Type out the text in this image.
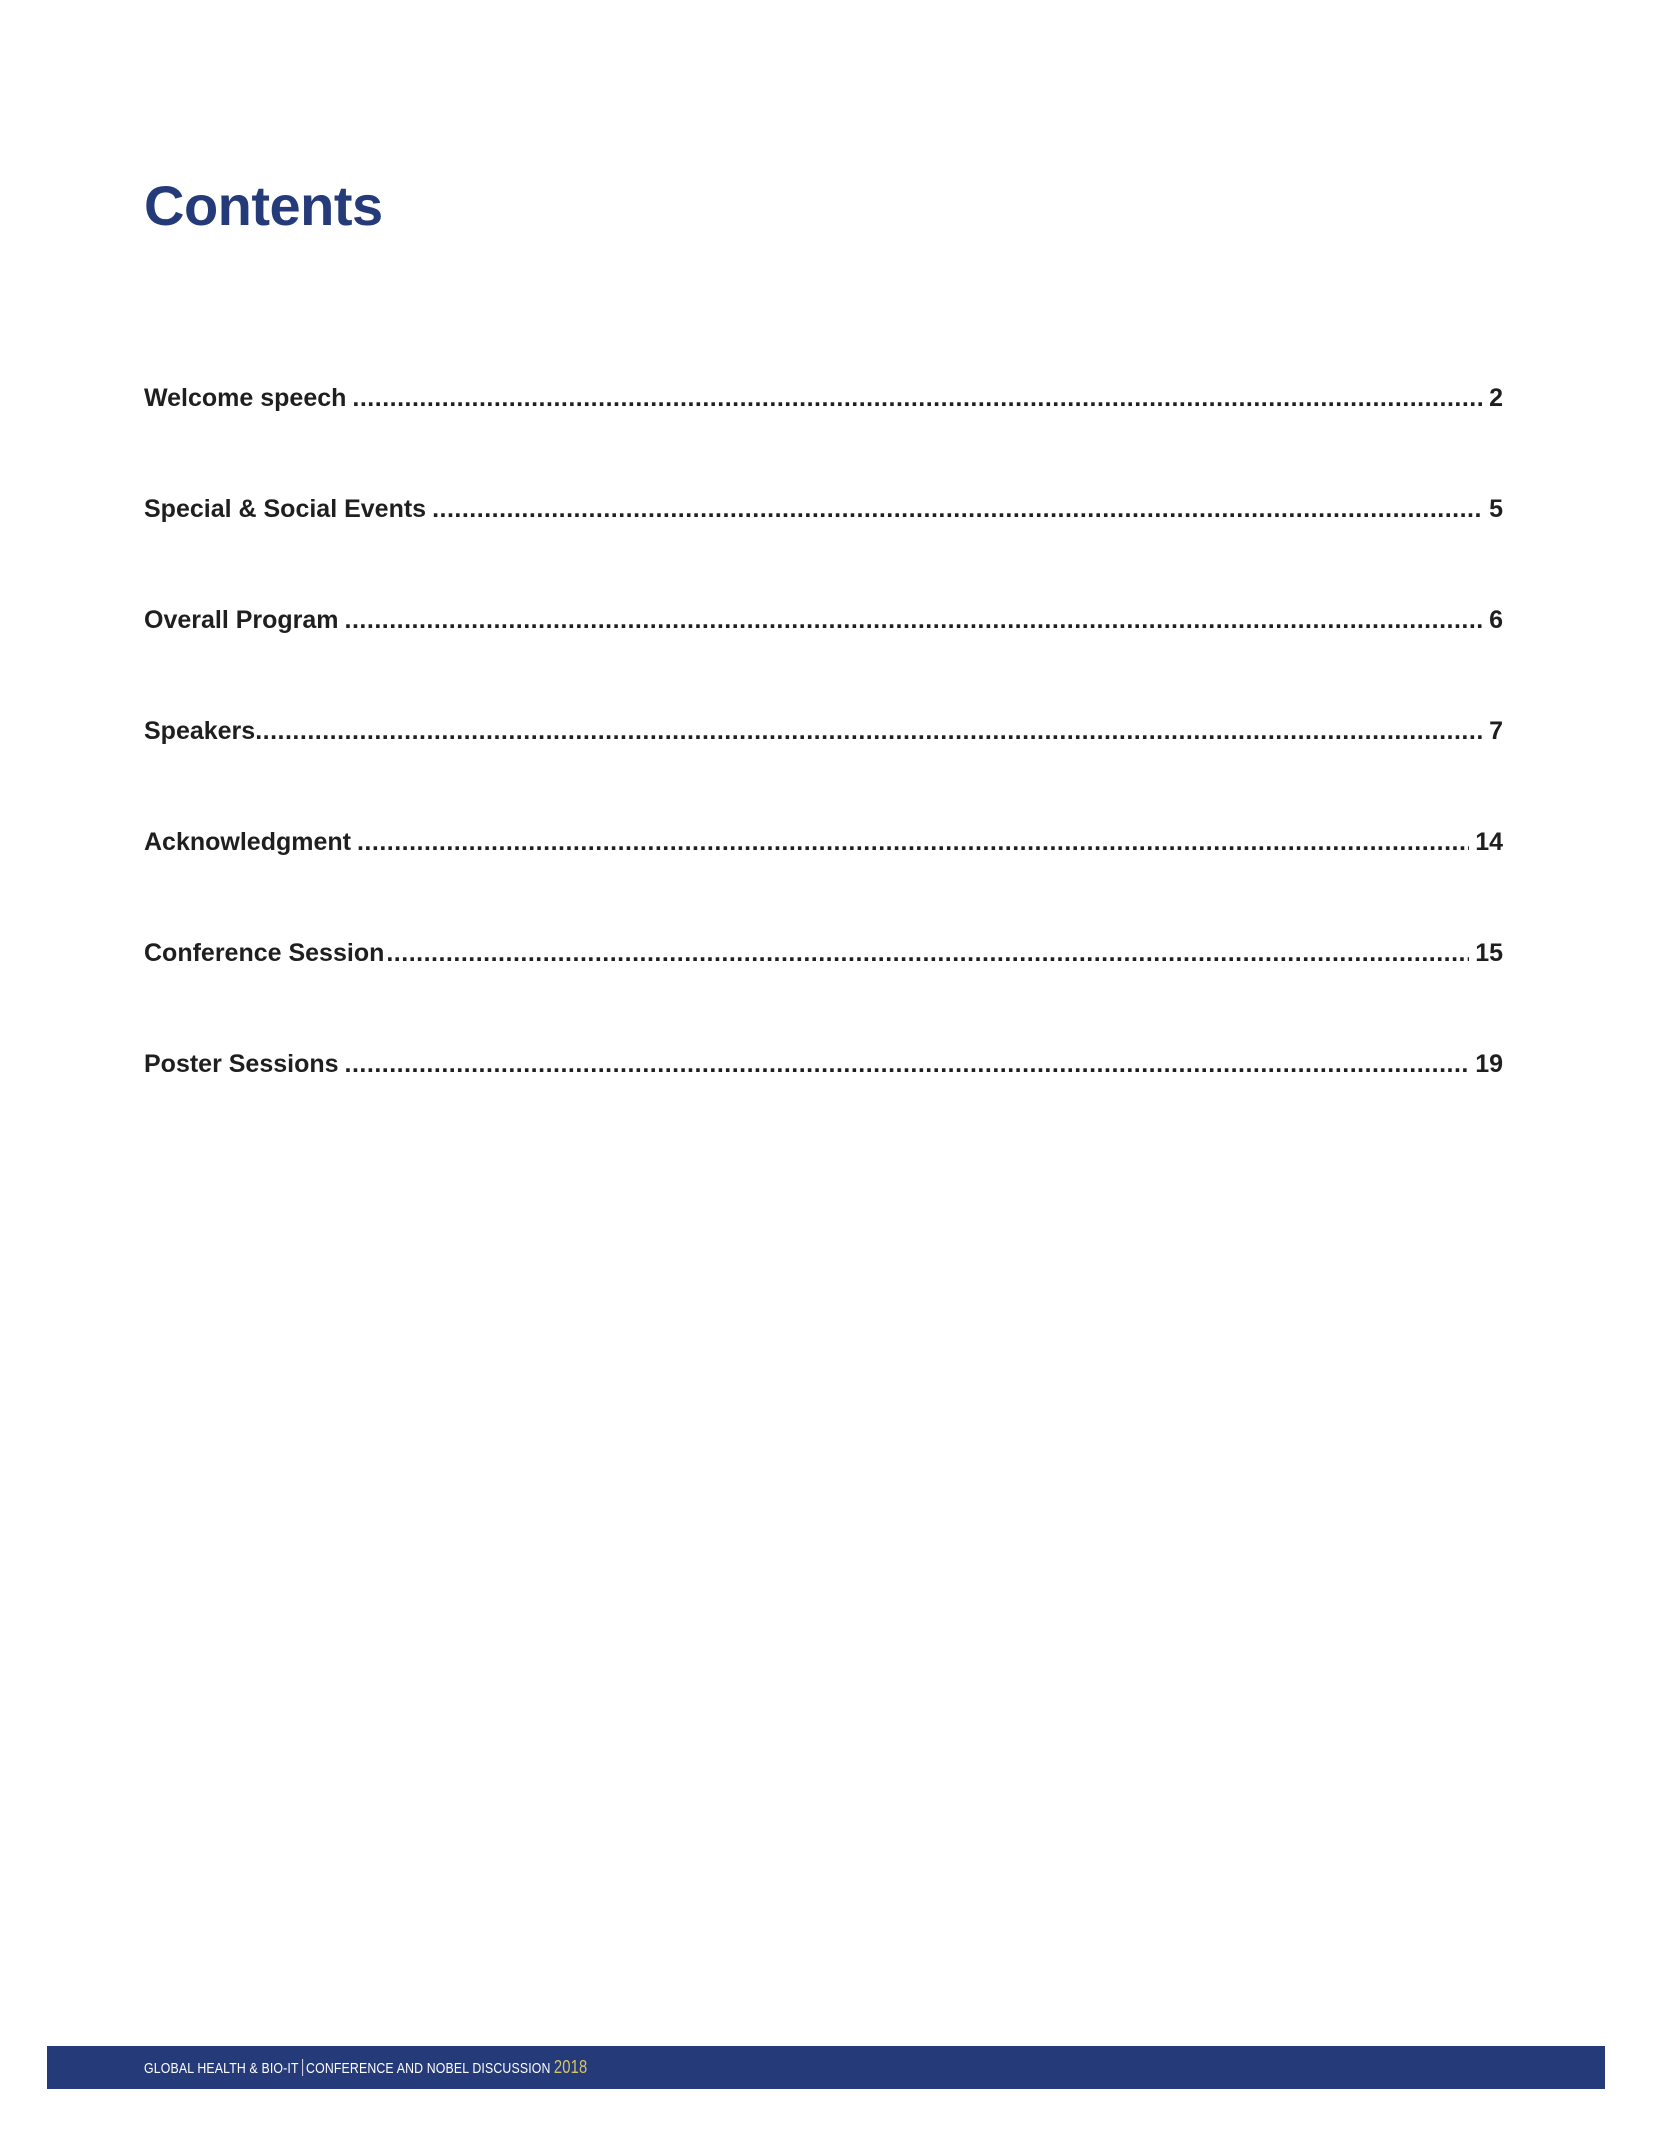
Contents
Welcome speech .....	2
Special & Social Events .....	5
Overall Program .....	6
Speakers .....	7
Acknowledgment .....	14
Conference Session .....	15
Poster Sessions .....	19
GLOBAL HEALTH & BIO-IT CONFERENCE AND NOBEL DISCUSSION 2018
